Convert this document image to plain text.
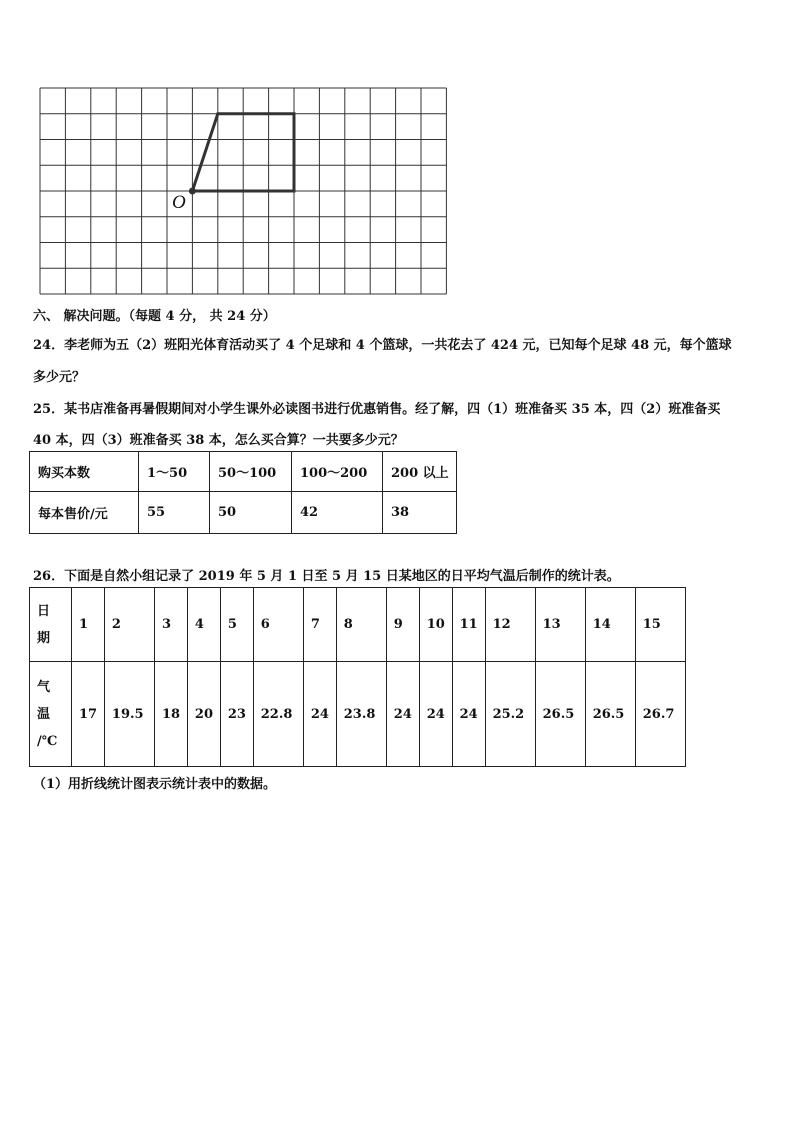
O
六、 解决问题。（每题 4 分， 共 24 分）
24．李老师为五（2）班阳光体育活动买了 4 个足球和 4 个篮球，一共花去了 424 元，已知每个足球 48 元，每个篮球
多少元？
25．某书店准备再暑假期间对小学生课外必读图书进行优惠销售。经了解，四（1）班准备买 35 本，四（2）班准备买
40 本，四（3）班准备买 38 本，怎么买合算？一共要多少元？
购买本数	1～50	50～100	100～200	200 以上
每本售价/元	55	50	42	38
26．下面是自然小组记录了 2019 年 5 月 1 日至 5 月 15 日某地区的日平均气温后制作的统计表。
日
期	1	2	3	4	5	6	7	8	9	10	11	12	13	14	15
气
温
/℃	17	19.5	18	20	23	22.8	24	23.8	24	24	24	25.2	26.5	26.5	26.7
（1）用折线统计图表示统计表中的数据。
